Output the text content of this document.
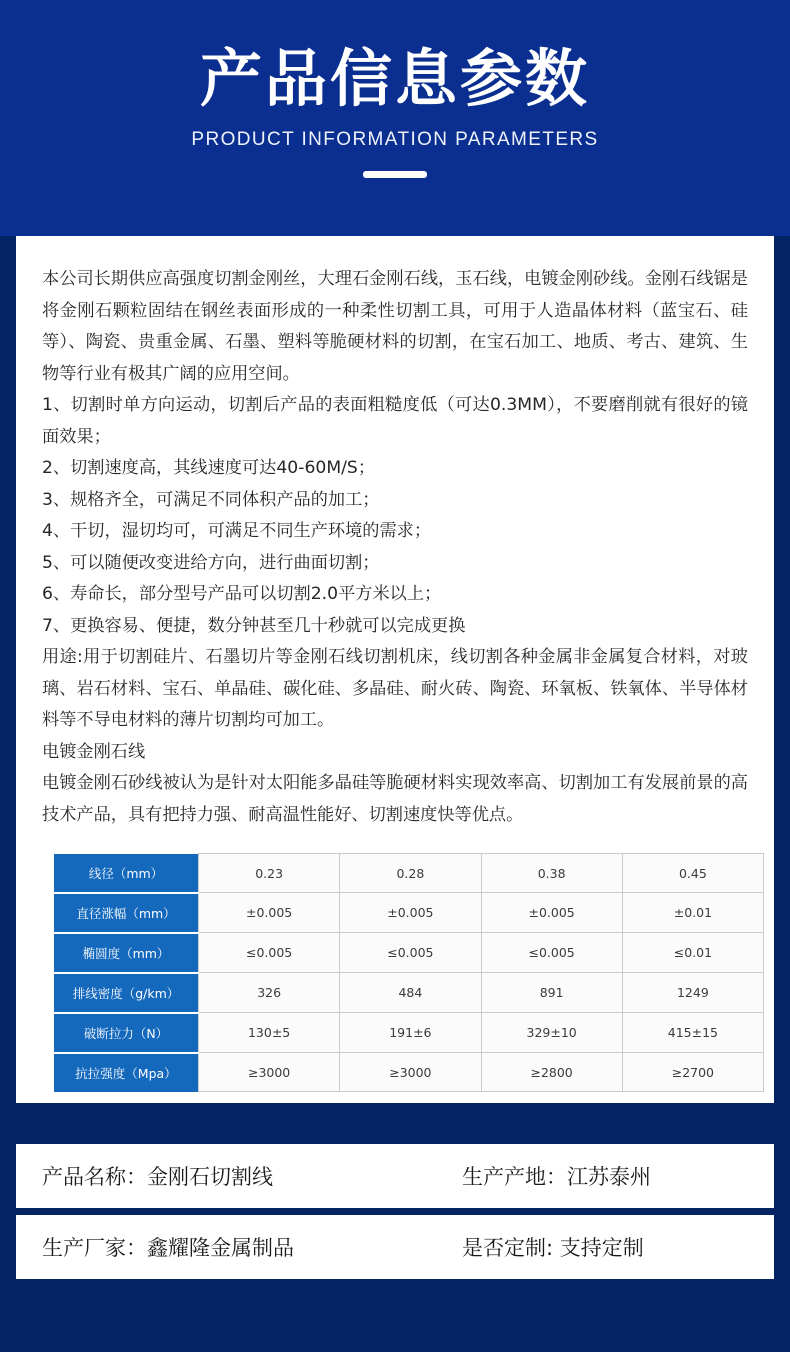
产品信息参数
PRODUCT INFORMATION PARAMETERS

本公司长期供应高强度切割金刚丝，大理石金刚石线，玉石线，电镀金刚砂线。金刚石线锯是将金刚石颗粒固结在钢丝表面形成的一种柔性切割工具，可用于人造晶体材料（蓝宝石、硅等）、陶瓷、贵重金属、石墨、塑料等脆硬材料的切割，在宝石加工、地质、考古、建筑、生物等行业有极其广阔的应用空间。

1、切割时单方向运动，切割后产品的表面粗糙度低（可达0.3MM），不要磨削就有很好的镜面效果；

2、切割速度高，其线速度可达40-60M/S；

3、规格齐全，可满足不同体积产品的加工；

4、干切，湿切均可，可满足不同生产环境的需求；

5、可以随便改变进给方向，进行曲面切割；

6、寿命长，部分型号产品可以切割2.0平方米以上；

7、更换容易、便捷，数分钟甚至几十秒就可以完成更换

用途:用于切割硅片、石墨切片等金刚石线切割机床，线切割各种金属非金属复合材料，对玻璃、岩石材料、宝石、单晶硅、碳化硅、多晶硅、耐火砖、陶瓷、环氧板、铁氧体、半导体材料等不导电材料的薄片切割均可加工。

电镀金刚石线

电镀金刚石砂线被认为是针对太阳能多晶硅等脆硬材料实现效率高、切割加工有发展前景的高技术产品，具有把持力强、耐高温性能好、切割速度快等优点。

线径（mm）	0.23	0.28	0.38	0.45
直径涨幅（mm）	±0.005	±0.005	±0.005	±0.01
椭圆度（mm）	≤0.005	≤0.005	≤0.005	≤0.01
排线密度（g/km）	326	484	891	1249
破断拉力（N）	130±5	191±6	329±10	415±15
抗拉强度（Mpa）	≥3000	≥3000	≥2800	≥2700
产品名称：金刚石切割线	生产产地：江苏泰州
生产厂家：鑫耀隆金属制品	是否定制: 支持定制
